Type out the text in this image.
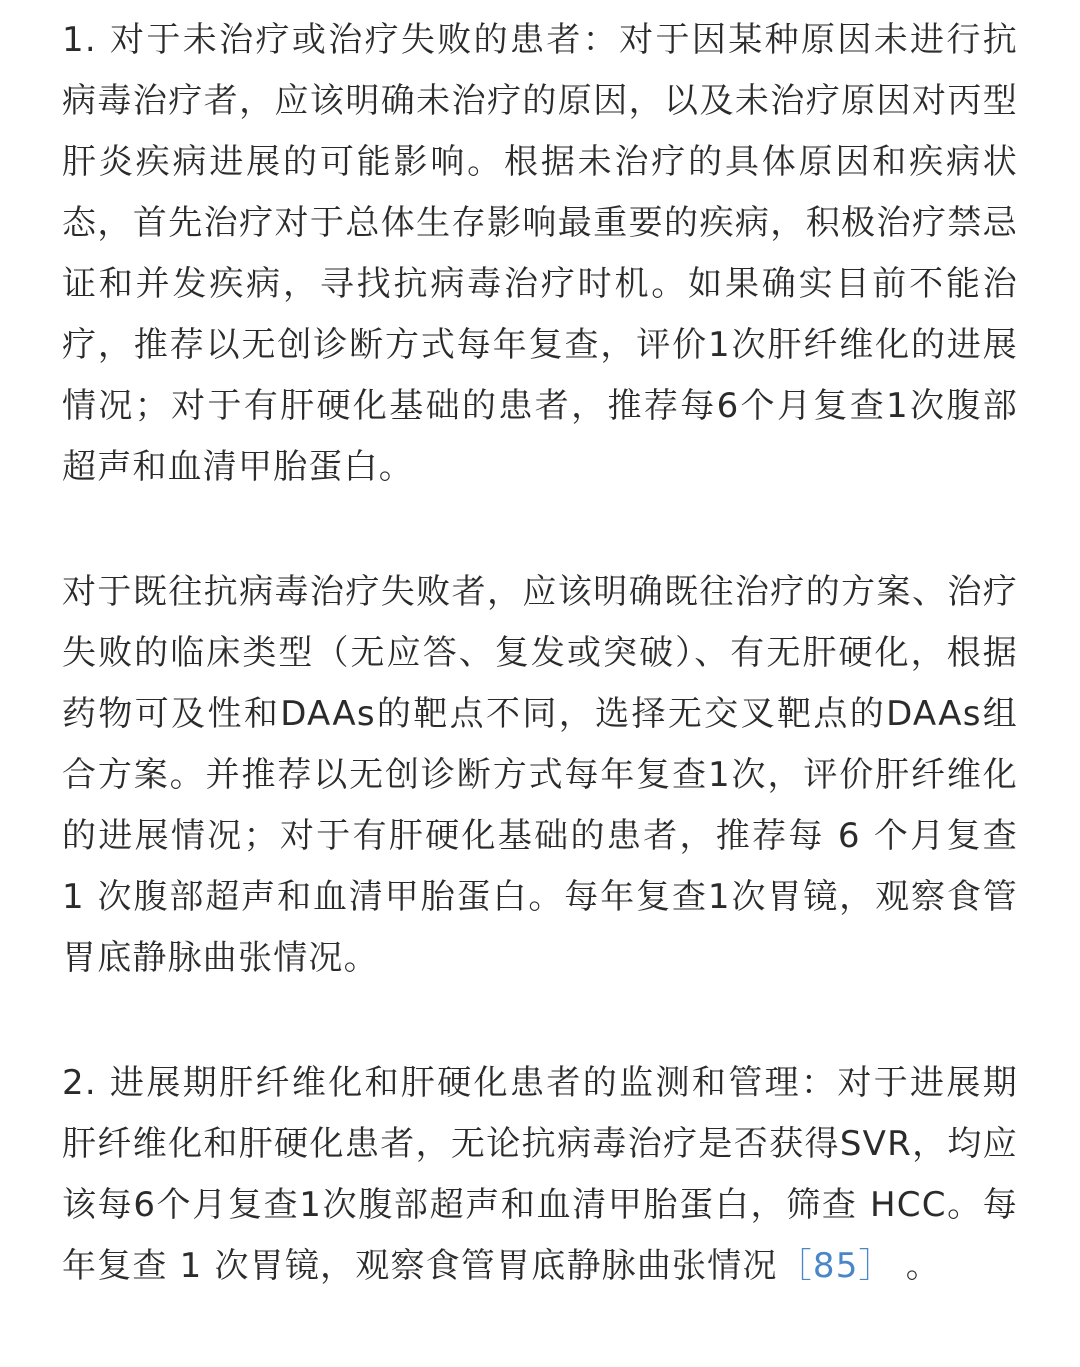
1. 对于未治疗或治疗失败的患者：对于因某种原因未进行抗病毒治疗者，应该明确未治疗的原因，以及未治疗原因对丙型肝炎疾病进展的可能影响。根据未治疗的具体原因和疾病状态，首先治疗对于总体生存影响最重要的疾病，积极治疗禁忌证和并发疾病，寻找抗病毒治疗时机。如果确实目前不能治疗，推荐以无创诊断方式每年复查，评价1次肝纤维化的进展情况；对于有肝硬化基础的患者，推荐每6个月复查1次腹部超声和血清甲胎蛋白。

对于既往抗病毒治疗失败者，应该明确既往治疗的方案、治疗失败的临床类型（无应答、复发或突破）、有无肝硬化，根据药物可及性和DAAs的靶点不同，选择无交叉靶点的DAAs组合方案。并推荐以无创诊断方式每年复查1次，评价肝纤维化的进展情况；对于有肝硬化基础的患者，推荐每 6 个月复查 1 次腹部超声和血清甲胎蛋白。每年复查1次胃镜，观察食管胃底静脉曲张情况。

2. 进展期肝纤维化和肝硬化患者的监测和管理：对于进展期肝纤维化和肝硬化患者，无论抗病毒治疗是否获得SVR，均应该每6个月复查1次腹部超声和血清甲胎蛋白，筛查 HCC。每年复查 1 次胃镜，观察食管胃底静脉曲张情况［85］ 。
